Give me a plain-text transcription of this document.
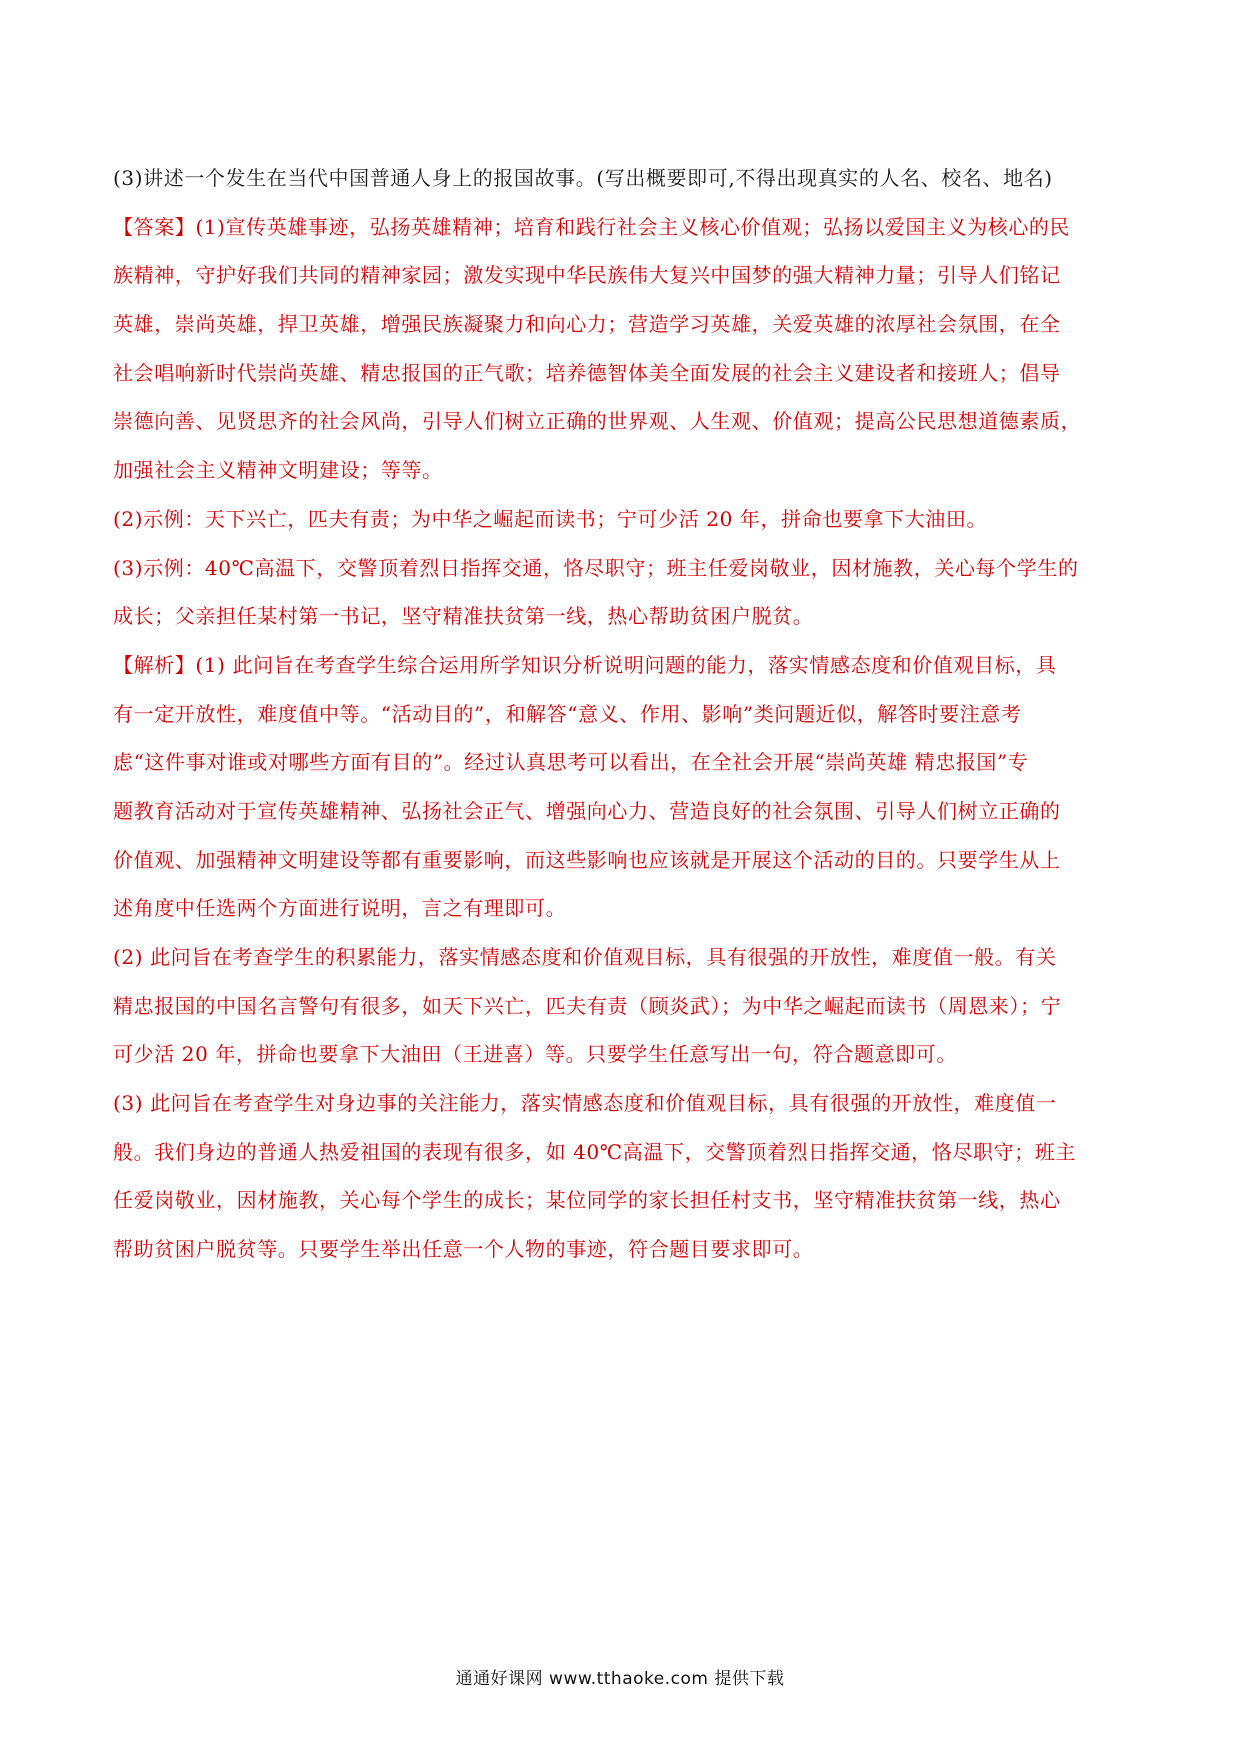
(3)讲述一个发生在当代中国普通人身上的报国故事。(写出概要即可,不得出现真实的人名、校名、地名)
【答案】(1)宣传英雄事迹，弘扬英雄精神；培育和践行社会主义核心价值观；弘扬以爱国主义为核心的民
族精神，守护好我们共同的精神家园；激发实现中华民族伟大复兴中国梦的强大精神力量；引导人们铭记
英雄，崇尚英雄，捍卫英雄，增强民族凝聚力和向心力；营造学习英雄，关爱英雄的浓厚社会氛围，在全
社会唱响新时代崇尚英雄、精忠报国的正气歌；培养德智体美全面发展的社会主义建设者和接班人；倡导
崇德向善、见贤思齐的社会风尚，引导人们树立正确的世界观、人生观、价值观；提高公民思想道德素质，
加强社会主义精神文明建设；等等。
(2)示例：天下兴亡，匹夫有责；为中华之崛起而读书；宁可少活 20 年，拼命也要拿下大油田。
(3)示例：40℃高温下，交警顶着烈日指挥交通，恪尽职守；班主任爱岗敬业，因材施教，关心每个学生的
成长；父亲担任某村第一书记，坚守精准扶贫第一线，热心帮助贫困户脱贫。
【解析】(1) 此问旨在考查学生综合运用所学知识分析说明问题的能力，落实情感态度和价值观目标，具
有一定开放性，难度值中等。“活动目的”，和解答“意义、作用、影响”类问题近似，解答时要注意考
虑“这件事对谁或对哪些方面有目的”。经过认真思考可以看出，在全社会开展“崇尚英雄 精忠报国”专
题教育活动对于宣传英雄精神、弘扬社会正气、增强向心力、营造良好的社会氛围、引导人们树立正确的
价值观、加强精神文明建设等都有重要影响，而这些影响也应该就是开展这个活动的目的。只要学生从上
述角度中任选两个方面进行说明，言之有理即可。
(2) 此问旨在考查学生的积累能力，落实情感态度和价值观目标，具有很强的开放性，难度值一般。有关
精忠报国的中国名言警句有很多，如天下兴亡，匹夫有责（顾炎武）；为中华之崛起而读书（周恩来）；宁
可少活 20 年，拼命也要拿下大油田（王进喜）等。只要学生任意写出一句，符合题意即可。
(3) 此问旨在考查学生对身边事的关注能力，落实情感态度和价值观目标，具有很强的开放性，难度值一
般。我们身边的普通人热爱祖国的表现有很多，如 40℃高温下，交警顶着烈日指挥交通，恪尽职守；班主
任爱岗敬业，因材施教，关心每个学生的成长；某位同学的家长担任村支书，坚守精准扶贫第一线，热心
帮助贫困户脱贫等。只要学生举出任意一个人物的事迹，符合题目要求即可。
通通好课网 www.tthaoke.com 提供下载
